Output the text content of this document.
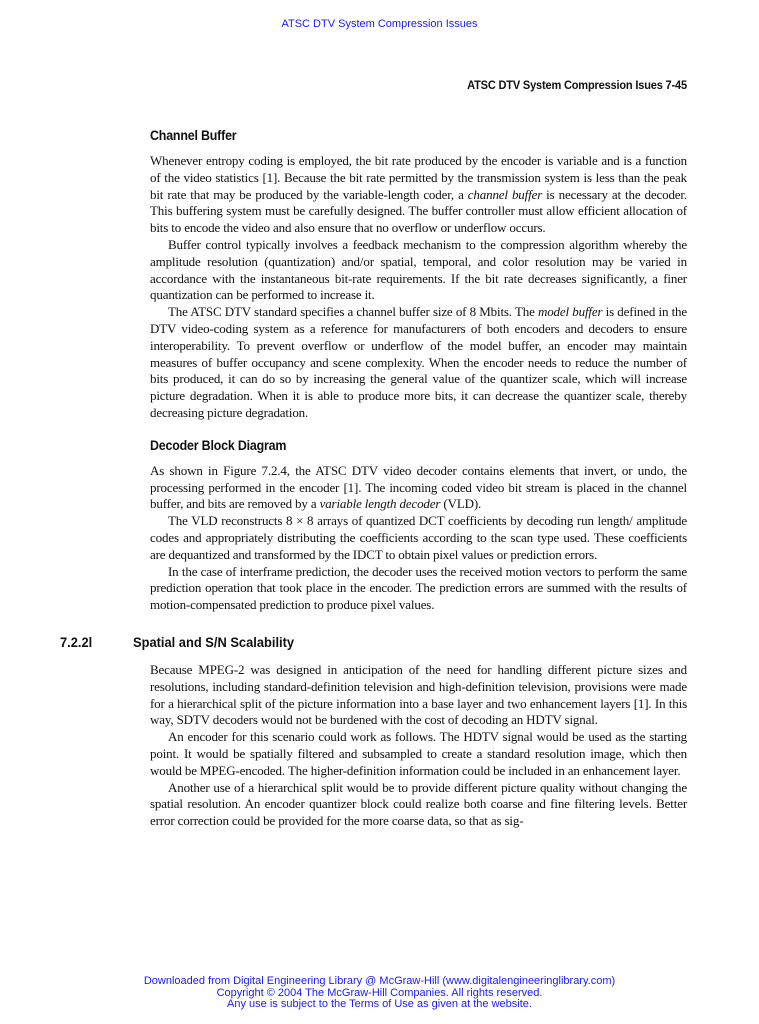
ATSC DTV System Compression Issues
ATSC DTV System Compression Isues 7-45
Channel Buffer

Whenever entropy coding is employed, the bit rate produced by the encoder is variable and is a function of the video statistics [1]. Because the bit rate permitted by the transmission system is less than the peak bit rate that may be produced by the variable-length coder, a channel buffer is necessary at the decoder. This buffering system must be carefully designed. The buffer controller must allow efficient allocation of bits to encode the video and also ensure that no overflow or underflow occurs.

Buffer control typically involves a feedback mechanism to the compression algorithm whereby the amplitude resolution (quantization) and/or spatial, temporal, and color resolution may be varied in accordance with the instantaneous bit-rate requirements. If the bit rate decreases significantly, a finer quantization can be performed to increase it.

The ATSC DTV standard specifies a channel buffer size of 8 Mbits. The model buffer is defined in the DTV video-coding system as a reference for manufacturers of both encoders and decoders to ensure interoperability. To prevent overflow or underflow of the model buffer, an encoder may maintain measures of buffer occupancy and scene complexity. When the encoder needs to reduce the number of bits produced, it can do so by increasing the general value of the quantizer scale, which will increase picture degradation. When it is able to produce more bits, it can decrease the quantizer scale, thereby decreasing picture degradation.

Decoder Block Diagram

As shown in Figure 7.2.4, the ATSC DTV video decoder contains elements that invert, or undo, the processing performed in the encoder [1]. The incoming coded video bit stream is placed in the channel buffer, and bits are removed by a variable length decoder (VLD).

The VLD reconstructs 8 × 8 arrays of quantized DCT coefficients by decoding run length/ amplitude codes and appropriately distributing the coefficients according to the scan type used. These coefficients are dequantized and transformed by the IDCT to obtain pixel values or prediction errors.

In the case of interframe prediction, the decoder uses the received motion vectors to perform the same prediction operation that took place in the encoder. The prediction errors are summed with the results of motion-compensated prediction to produce pixel values.

7.2.2l	Spatial and S/N Scalability

Because MPEG-2 was designed in anticipation of the need for handling different picture sizes and resolutions, including standard-definition television and high-definition television, provisions were made for a hierarchical split of the picture information into a base layer and two enhancement layers [1]. In this way, SDTV decoders would not be burdened with the cost of decoding an HDTV signal.

An encoder for this scenario could work as follows. The HDTV signal would be used as the starting point. It would be spatially filtered and subsampled to create a standard resolution image, which then would be MPEG-encoded. The higher-definition information could be included in an enhancement layer.

Another use of a hierarchical split would be to provide different picture quality without changing the spatial resolution. An encoder quantizer block could realize both coarse and fine filtering levels. Better error correction could be provided for the more coarse data, so that as sig-

Downloaded from Digital Engineering Library @ McGraw-Hill (www.digitalengineeringlibrary.com)
Copyright © 2004 The McGraw-Hill Companies. All rights reserved.
Any use is subject to the Terms of Use as given at the website.
